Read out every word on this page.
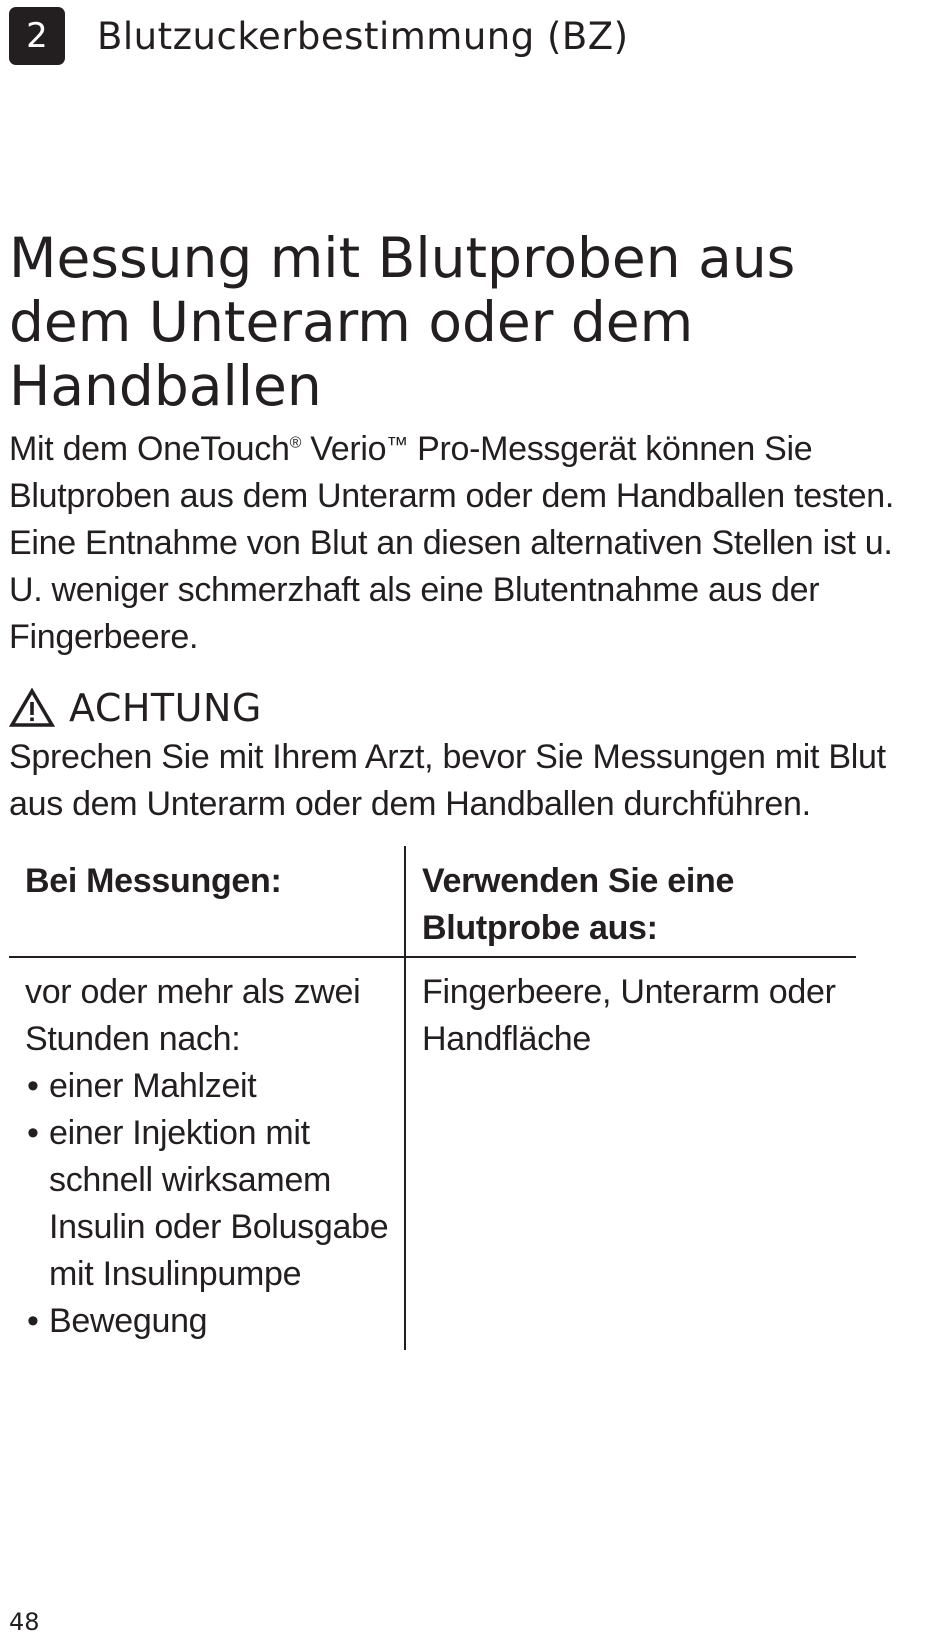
2	Blutzuckerbestimmung (BZ)
Messung mit Blutproben aus dem Unterarm oder dem Handballen

Mit dem OneTouch® Verio™ Pro-Messgerät können Sie Blutproben aus dem Unterarm oder dem Handballen testen. Eine Entnahme von Blut an diesen alternativen Stellen ist u. U. weniger schmerzhaft als eine Blutentnahme aus der Fingerbeere.

ACHTUNG

Sprechen Sie mit Ihrem Arzt, bevor Sie Messungen mit Blut aus dem Unterarm oder dem Handballen durchführen.

Bei Messungen:	Verwenden Sie eine Blutprobe aus:
vor oder mehr als zwei Stunden nach:
• einer Mahlzeit
• einer Injektion mit schnell wirksamem Insulin oder Bolusgabe mit Insulinpumpe
• Bewegung
Fingerbeere, Unterarm oder Handfläche
48
